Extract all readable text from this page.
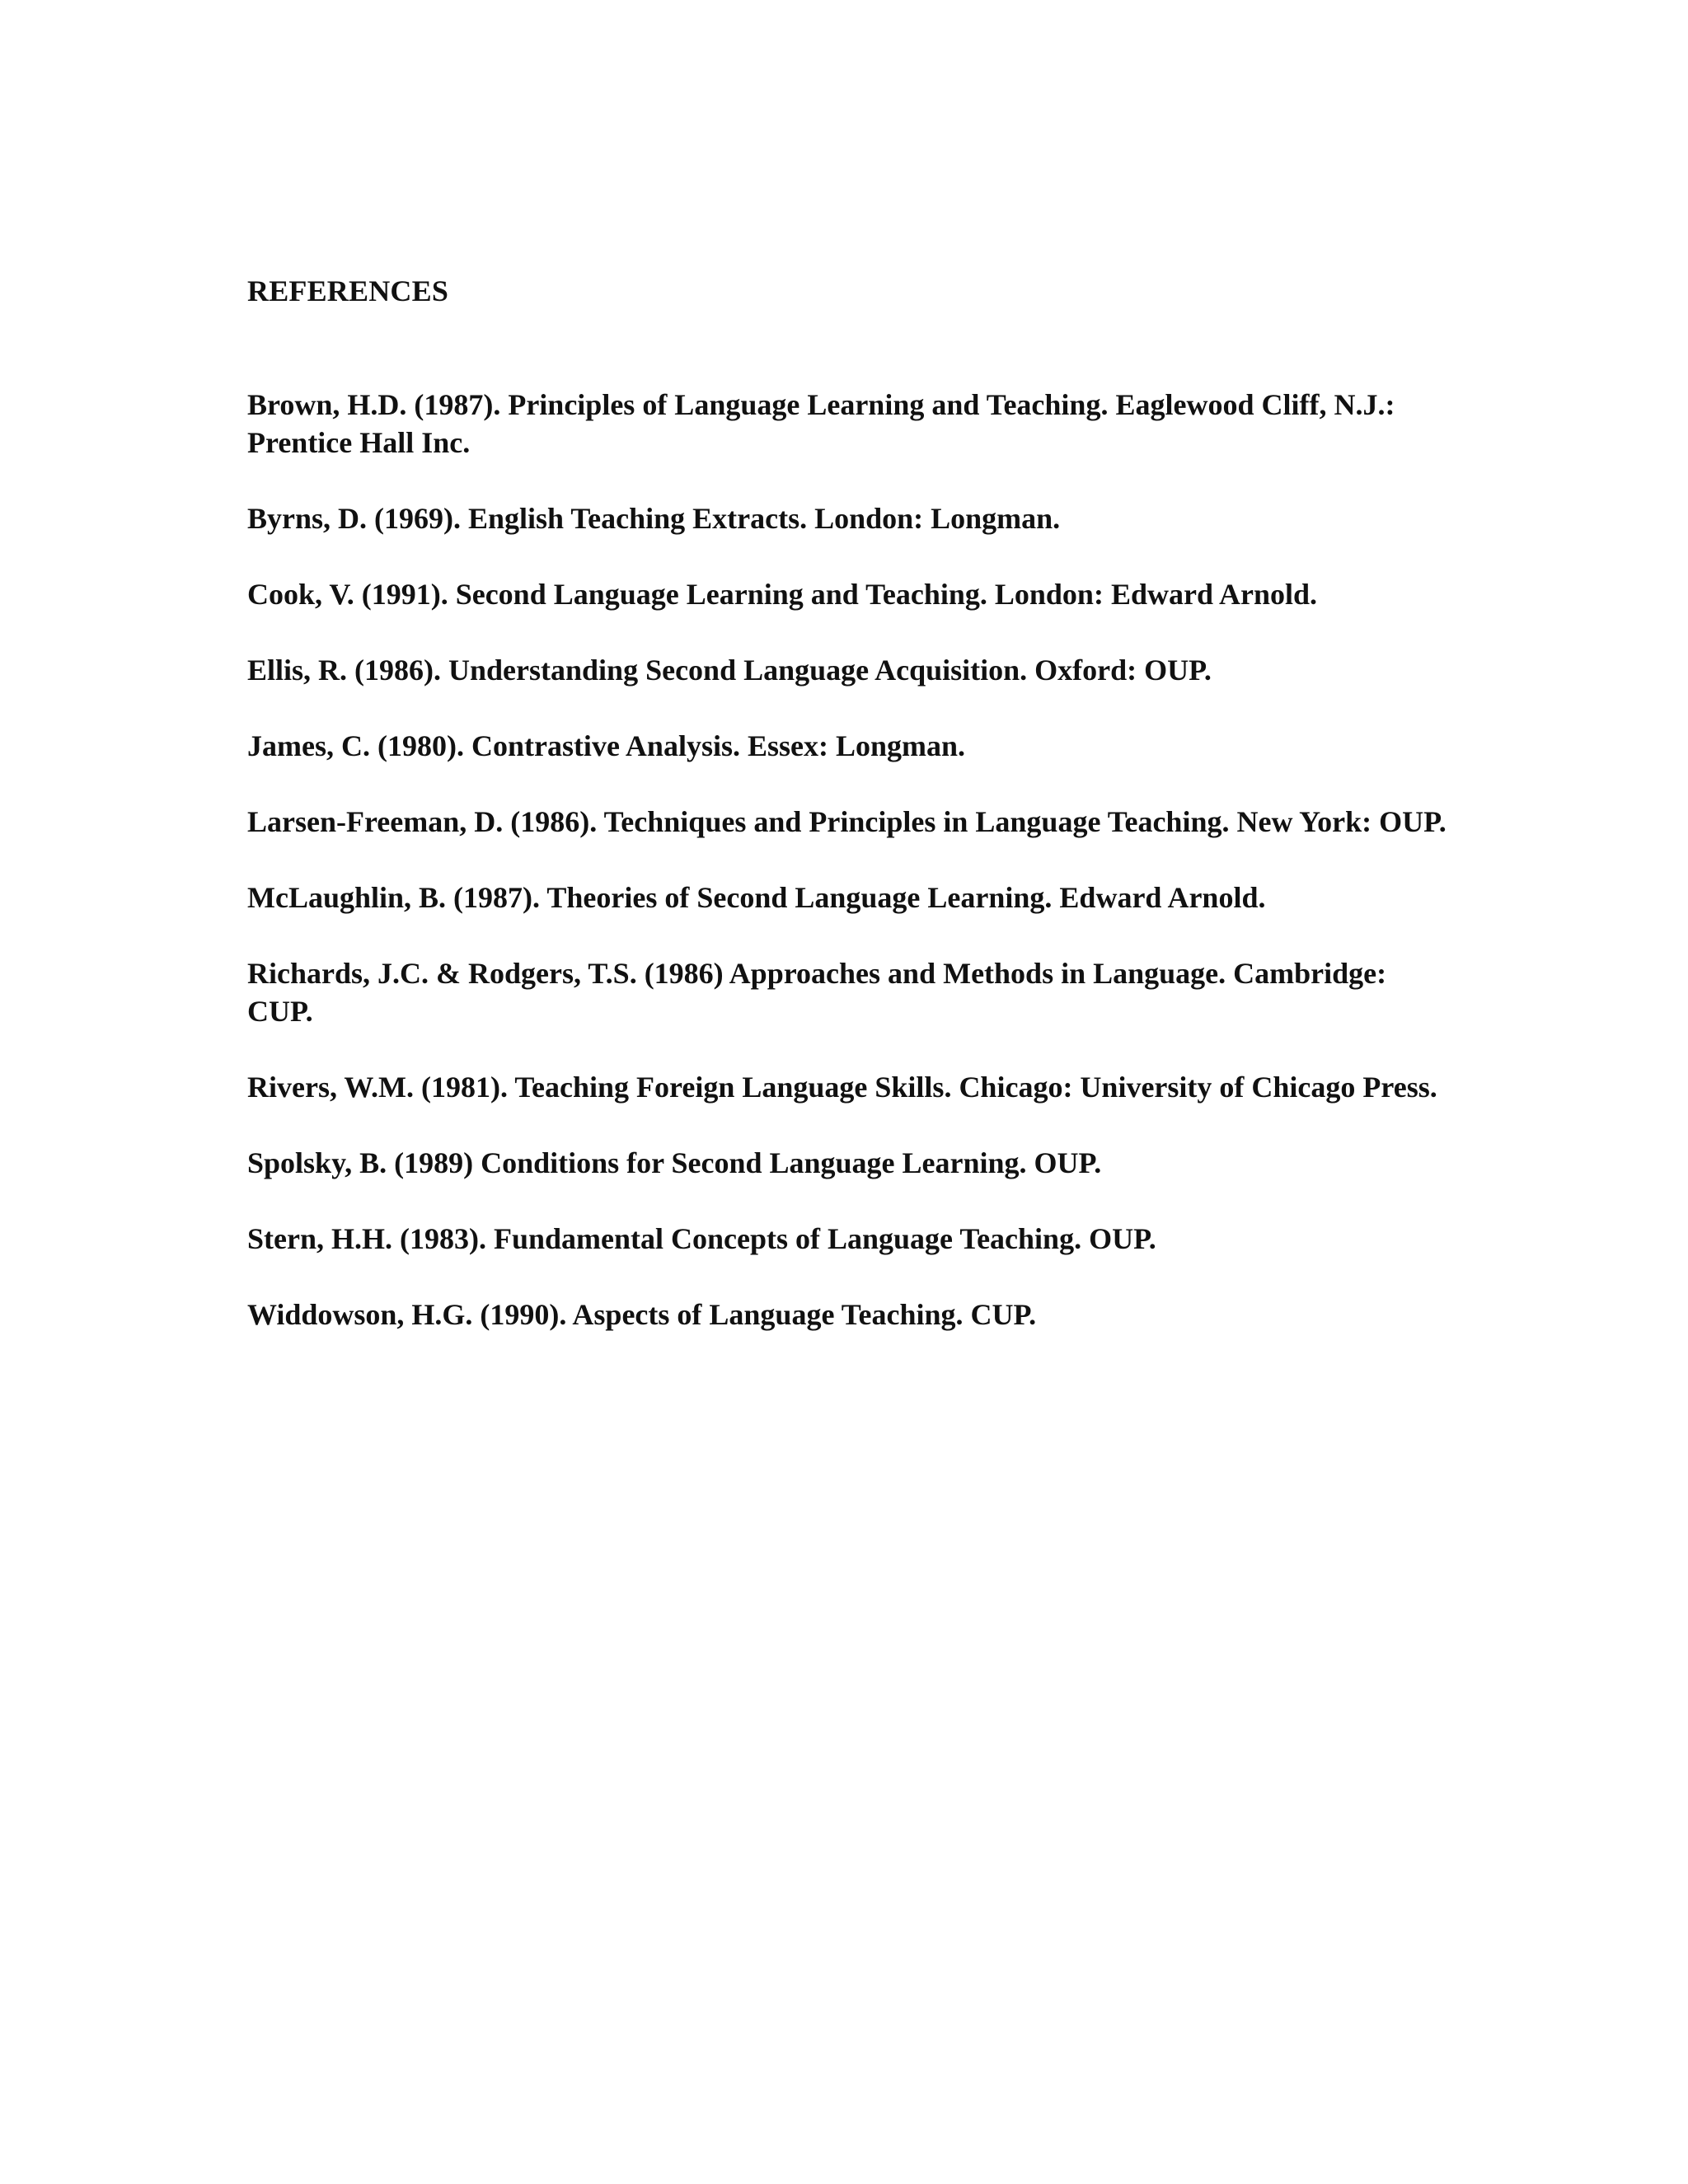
REFERENCES
Brown, H.D. (1987). Principles of Language Learning and Teaching. Eaglewood Cliff, N.J.: Prentice Hall Inc.
Byrns, D. (1969). English Teaching Extracts. London: Longman.
Cook, V. (1991). Second Language Learning and Teaching. London: Edward Arnold.
Ellis, R. (1986). Understanding Second Language Acquisition. Oxford: OUP.
James, C. (1980). Contrastive Analysis. Essex: Longman.
Larsen-Freeman, D. (1986). Techniques and Principles in Language Teaching. New York: OUP.
McLaughlin, B. (1987). Theories of Second Language Learning. Edward Arnold.
Richards, J.C. & Rodgers, T.S. (1986) Approaches and Methods in Language. Cambridge: CUP.
Rivers, W.M. (1981). Teaching Foreign Language Skills. Chicago: University of Chicago Press.
Spolsky, B. (1989) Conditions for Second Language Learning. OUP.
Stern, H.H. (1983). Fundamental Concepts of Language Teaching. OUP.
Widdowson, H.G. (1990). Aspects of Language Teaching. CUP.
